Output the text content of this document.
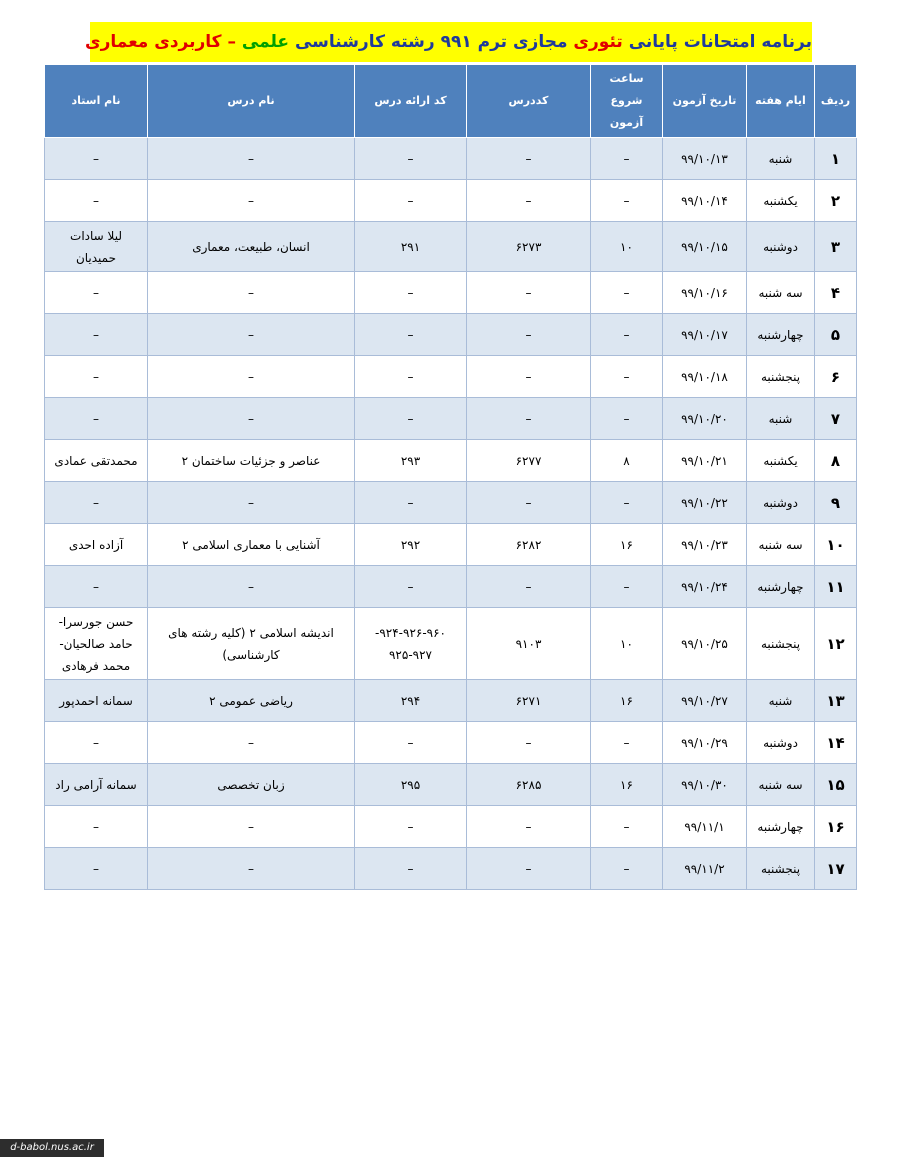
برنامه امتحانات پایانی تئوری مجازی ترم ۹۹۱ رشته کارشناسی علمی – کاربردی معماری
ردیف	ایام هفته	تاریخ آزمون	ساعت شروع آزمون	کددرس	کد ارائه درس	نام درس	نام استاد
۱	شنبه	۹۹/۱۰/۱۳	–	–	–	–	–
۲	یکشنبه	۹۹/۱۰/۱۴	–	–	–	–	–
۳	دوشنبه	۹۹/۱۰/۱۵	۱۰	۶۲۷۳	۲۹۱	انسان، طبیعت، معماری	لیلا سادات حمیدیان
۴	سه شنبه	۹۹/۱۰/۱۶	–	–	–	–	–
۵	چهارشنبه	۹۹/۱۰/۱۷	–	–	–	–	–
۶	پنجشنبه	۹۹/۱۰/۱۸	–	–	–	–	–
۷	شنبه	۹۹/۱۰/۲۰	–	–	–	–	–
۸	یکشنبه	۹۹/۱۰/۲۱	۸	۶۲۷۷	۲۹۳	عناصر و جزئیات ساختمان ۲	محمدتقی عمادی
۹	دوشنبه	۹۹/۱۰/۲۲	–	–	–	–	–
۱۰	سه شنبه	۹۹/۱۰/۲۳	۱۶	۶۲۸۲	۲۹۲	آشنایی با معماری اسلامی ۲	آزاده احدی
۱۱	چهارشنبه	۹۹/۱۰/۲۴	–	–	–	–	–
۱۲	پنجشنبه	۹۹/۱۰/۲۵	۱۰	۹۱۰۳	۹۲۴-۹۲۶-۹۶۰- ۹۲۵-۹۲۷	اندیشه اسلامی ۲ (کلیه رشته های کارشناسی)	حسن جورسرا- حامد صالحیان- محمد فرهادی
۱۳	شنبه	۹۹/۱۰/۲۷	۱۶	۶۲۷۱	۲۹۴	ریاضی عمومی ۲	سمانه احمدپور
۱۴	دوشنبه	۹۹/۱۰/۲۹	–	–	–	–	–
۱۵	سه شنبه	۹۹/۱۰/۳۰	۱۶	۶۲۸۵	۲۹۵	زبان تخصصی	سمانه آرامی راد
۱۶	چهارشنبه	۹۹/۱۱/۱	–	–	–	–	–
۱۷	پنجشنبه	۹۹/۱۱/۲	–	–	–	–	–
d-babol.nus.ac.ir
